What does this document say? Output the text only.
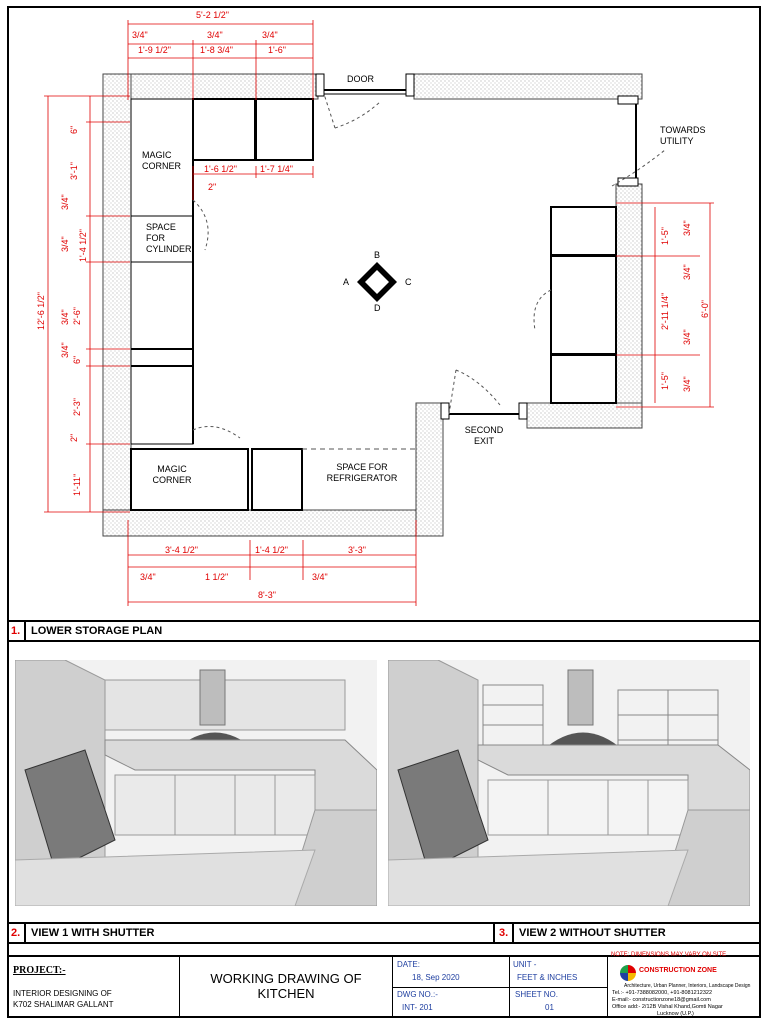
B
A	C
D
DOOR
TOWARDS UTILITY
MAGIC CORNER
SPACE FOR CYLINDER
MAGIC CORNER
SPACE FOR REFRIGERATOR
SECOND EXIT
5'-2 1/2"
3/4"	3/4"	3/4"
1'-9 1/2"	1'-8 3/4"	1'-6"
1'-6 1/2"	1'-7 1/4"
2"
12'-6 1/2"
6"
3'-1"
3/4"
1'-4 1/2"
3/4"
2'-6"
3/4"
6"
3/4"
2'-3"
2"
1'-11"
3'-4 1/2"	1'-4 1/2"	3'-3"
3/4"	1 1/2"	3/4"
8'-3"
1'-5" 3/4"
2'-11 1/4"
3/4"
1'-5"
3/4"
3/4"
6'-0"
1. LOWER STORAGE PLAN
2. VIEW 1 WITH SHUTTER	3. VIEW 2 WITHOUT SHUTTER
NOTE: DIMENSIONS MAY VARY ON SITE
PROJECT:-
INTERIOR DESIGNING OF
K702 SHALIMAR GALLANT
WORKING DRAWING OF
KITCHEN
DATE:
18, Sep 2020
UNIT -
FEET & INCHES
DWG NO.:-
INT- 201
SHEET NO.
01
CONSTRUCTION ZONE
Architecture, Urban Planner, Interiors, Landscape Design
Tel.:- +91-7388082000, +91-8081212322
E-mail:- constructionzone18@gmail.com
Office add:- 2/12B Vishal Khand,Gomti Nagar
Lucknow (U.P.)
